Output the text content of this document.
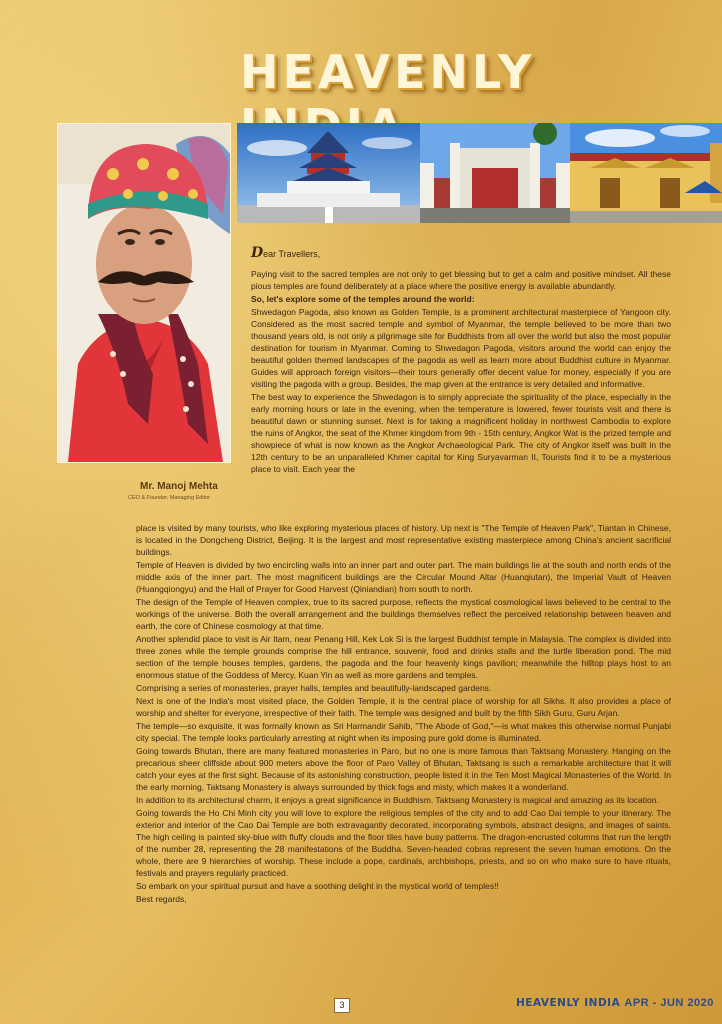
HEAVENLY
Mr. Manoj Mehta
CEO & Founder, Managing Editor
Dear Travellers,

Paying visit to the sacred temples are not only to get blessing but to get a calm and positive mindset. All these pious temples are found deliberately at a place where the positive energy is available abundantly.

So, let's explore some of the temples around the world:

Shwedagon Pagoda, also known as Golden Temple, is a prominent architectural masterpiece of Yangoon city. Considered as the most sacred temple and symbol of Myanmar, the temple believed to be more than two thousand years old, is not only a pilgrimage site for Buddhists from all over the world but also the most popular destination for tourism in Myanmar. Coming to Shwedagon Pagoda, visitors around the world can enjoy the beautiful golden themed landscapes of the pagoda as well as learn more about Buddhist culture in Myanmar. Guides will approach foreign visitors—their tours generally offer decent value for money, especially if you are visiting the pagoda with a group. Besides, the map given at the entrance is very detailed and informative.

The best way to experience the Shwedagon is to simply appreciate the spirituality of the place, especially in the early morning hours or late in the evening, when the temperature is lowered, fewer tourists visit and there is beautiful dawn or stunning sunset. Next is for taking a magnificent holiday in northwest Cambodia to explore the ruins of Angkor, the seat of the Khmer kingdom from 9th - 15th century, Angkor Wat is the prized temple and showpiece of what is now known as the Angkor Archaeological Park. The city of Angkor itself was built in the 12th century to be an unparalleled Khmer capital for King Suryavarman II, Tourists find it to be a mysterious place to visit. Each year the

place is visited by many tourists, who like exploring mysterious places of history. Up next is "The Temple of Heaven Park", Tiantan in Chinese, is located in the Dongcheng District, Beijing. It is the largest and most representative existing masterpiece among China's ancient sacrificial buildings.

Temple of Heaven is divided by two encircling walls into an inner part and outer part. The main buildings lie at the south and north ends of the middle axis of the inner part. The most magnificent buildings are the Circular Mound Altar (Huanqiutan), the Imperial Vault of Heaven (Huangqiongyu) and the Hall of Prayer for Good Harvest (Qiniandian) from south to north.

The design of the Temple of Heaven complex, true to its sacred purpose, reflects the mystical cosmological laws believed to be central to the workings of the universe. Both the overall arrangement and the buildings themselves reflect the perceived relationship between heaven and earth, the core of Chinese cosmology at that time.

Another splendid place to visit is Air Itam, near Penang Hill, Kek Lok Si is the largest Buddhist temple in Malaysia. The complex is divided into three zones while the temple grounds comprise the hill entrance, souvenir, food and drinks stalls and the turtle liberation pond. The mid section of the temple houses temples, gardens, the pagoda and the four heavenly kings pavilion; meanwhile the hilltop plays host to an enormous statue of the Goddess of Mercy, Kuan Yin as well as more gardens and temples.

Comprising a series of monasteries, prayer halls, temples and beautifully-landscaped gardens.

Next is one of the India's most visited place, the Golden Temple, it is the central place of worship for all Sikhs. It also provides a place of worship and shelter for everyone, irrespective of their faith. The temple was designed and built by the fifth Sikh Guru, Guru Arjan.

The temple—so exquisite, it was formally known as Sri Harmandir Sahib, "The Abode of God,"—is what makes this otherwise normal Punjabi city special. The temple looks particularly arresting at night when its imposing pure gold dome is illuminated.

Going towards Bhutan, there are many featured monasteries in Paro, but no one is more famous than Taktsang Monastery. Hanging on the precarious sheer cliffside about 900 meters above the floor of Paro Valley of Bhutan, Taktsang is such a remarkable architecture that it will catch your eyes at the first sight. Because of its astonishing construction, people listed it in the Ten Most Magical Monasteries of the World. In the early morning, Taktsang Monastery is always surrounded by thick fogs and misty, which makes it a wonderland.

In addition to its architectural charm, it enjoys a great significance in Buddhism. Taktsang Monastery is magical and amazing as its location.

Going towards the Ho Chi Minh city you will love to explore the religious temples of the city and to add Cao Dai temple to your itinerary. The exterior and interior of the Cao Dai Temple are both extravagantly decorated, incorporating symbols, abstract designs, and images of saints. The high ceiling is painted sky-blue with fluffy clouds and the floor tiles have busy patterns. The dragon-encrusted columns that run the length of the number 28, representing the 28 manifestations of the Buddha. Seven-headed cobras represent the seven human emotions. On the whole, there are 9 hierarchies of worship. These include a pope, cardinals, archbishops, priests, and so on who make sure to have rituals, festivals and prayers regularly practiced.

So embark on your spiritual pursuit and have a soothing delight in the mystical world of temples!!

Best regards,

3	HEAVENLY INDIA APR - JUN 2020
